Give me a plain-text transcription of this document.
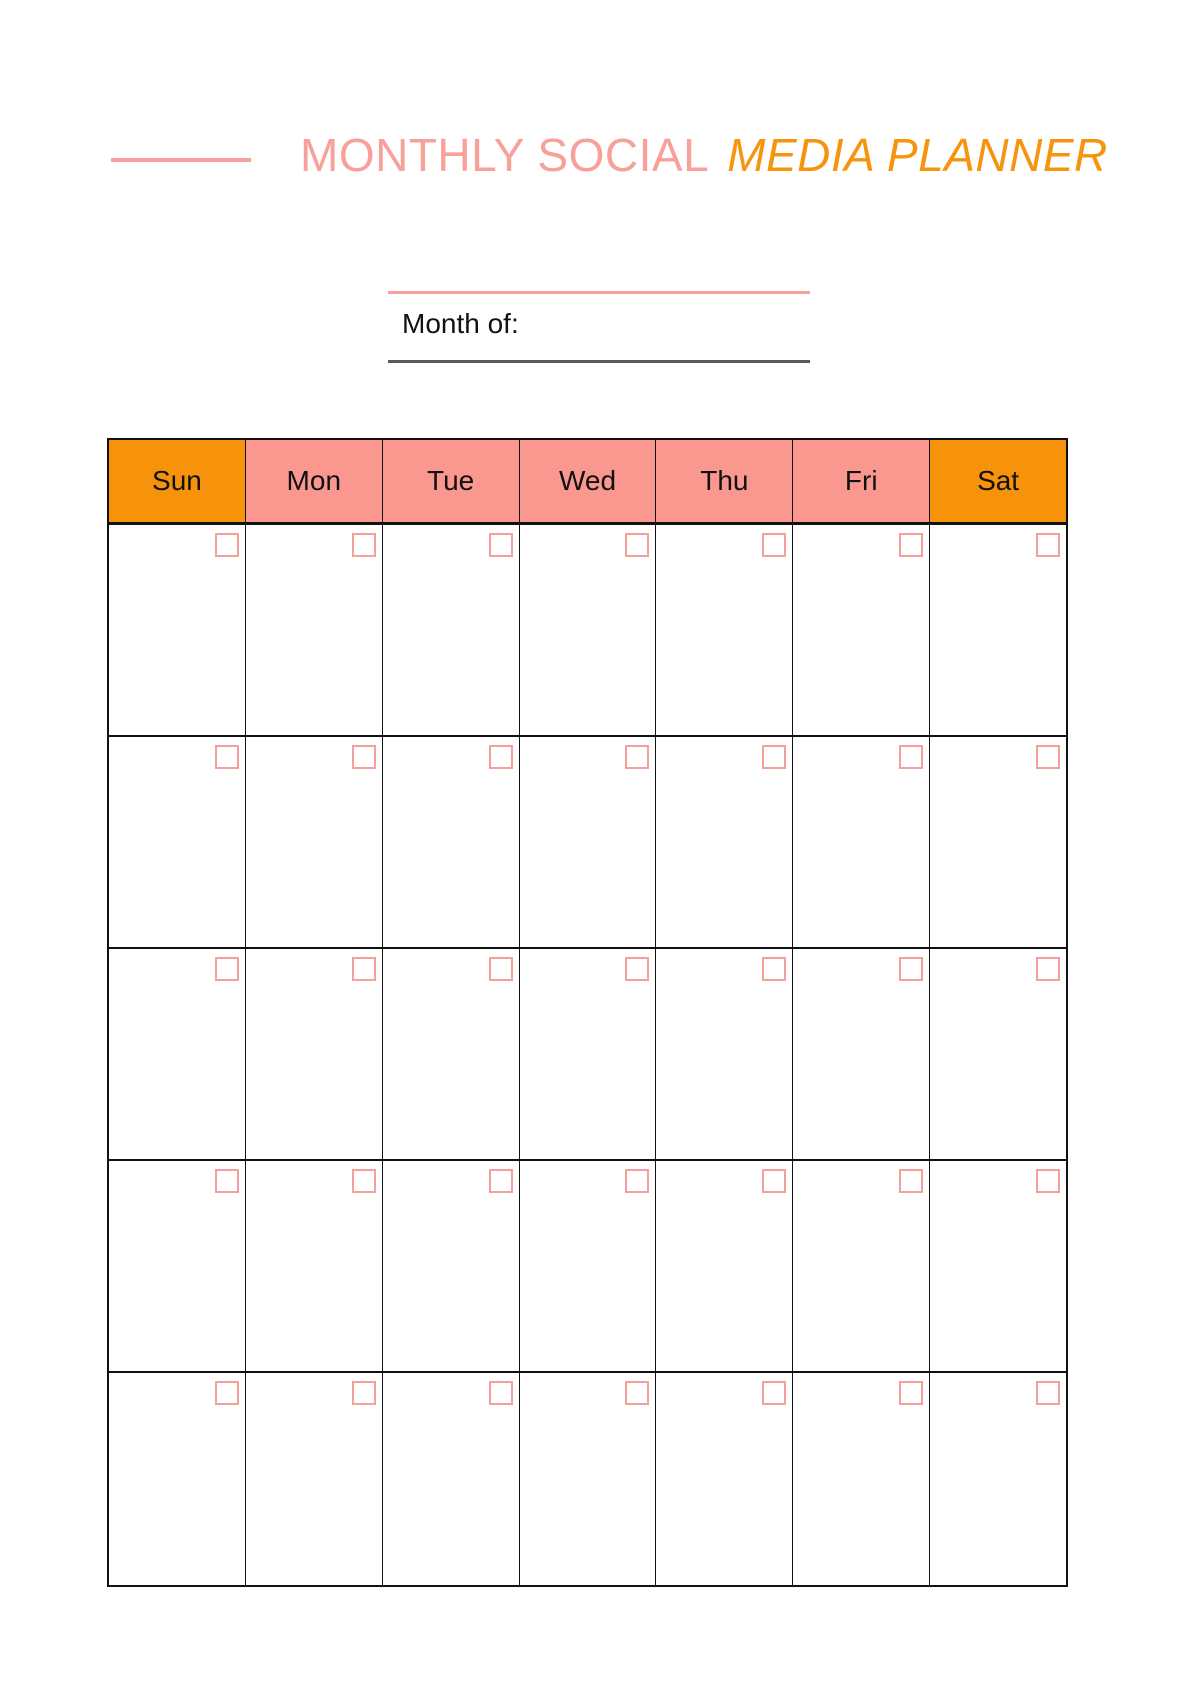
MONTHLY SOCIAL MEDIA PLANNER
Month of:
Sun	Mon	Tue	Wed	Thu	Fri	Sat
